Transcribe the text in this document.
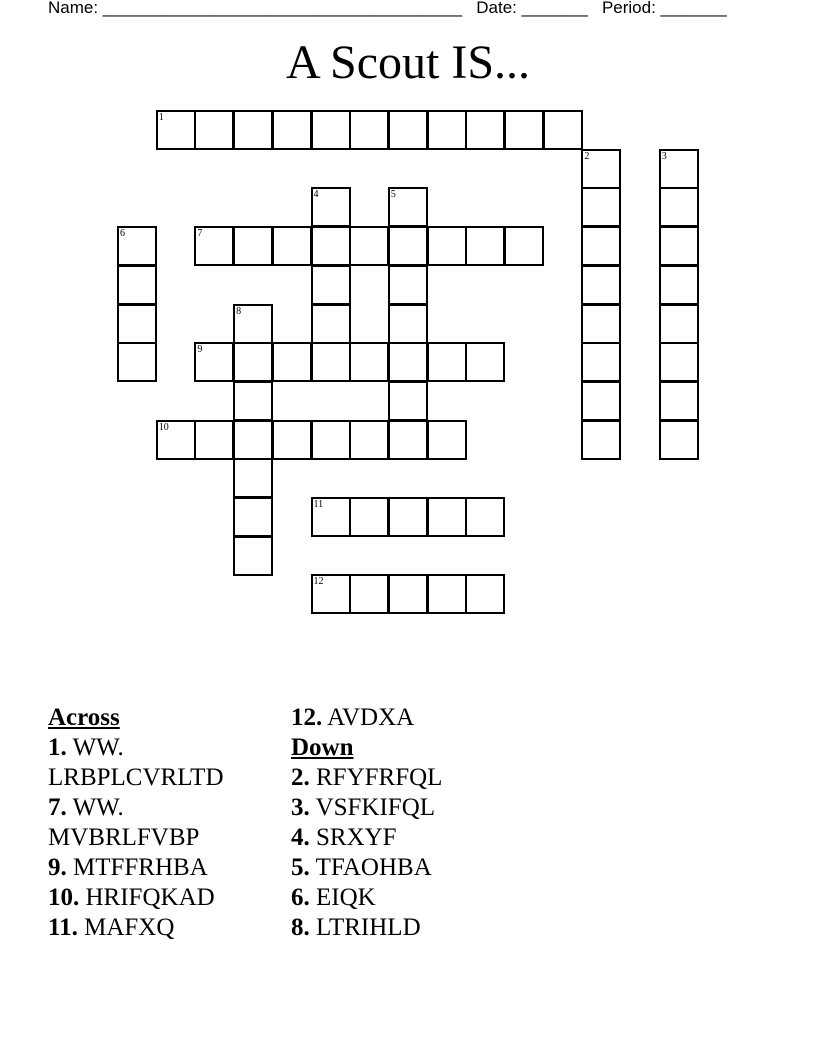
Name: ______________________________________   Date: _______   Period: _______
A Scout IS...
1
2	3
4	5
6	7
8
9
10
11
12
Across
1. WW.
LRBPLCVRLTD
7. WW.
MVBRLFVBP
9. MTFFRHBA
10. HRIFQKAD
11. MAFXQ
12. AVDXA
Down
2. RFYFRFQL
3. VSFKIFQL
4. SRXYF
5. TFAOHBA
6. EIQK
8. LTRIHLD
